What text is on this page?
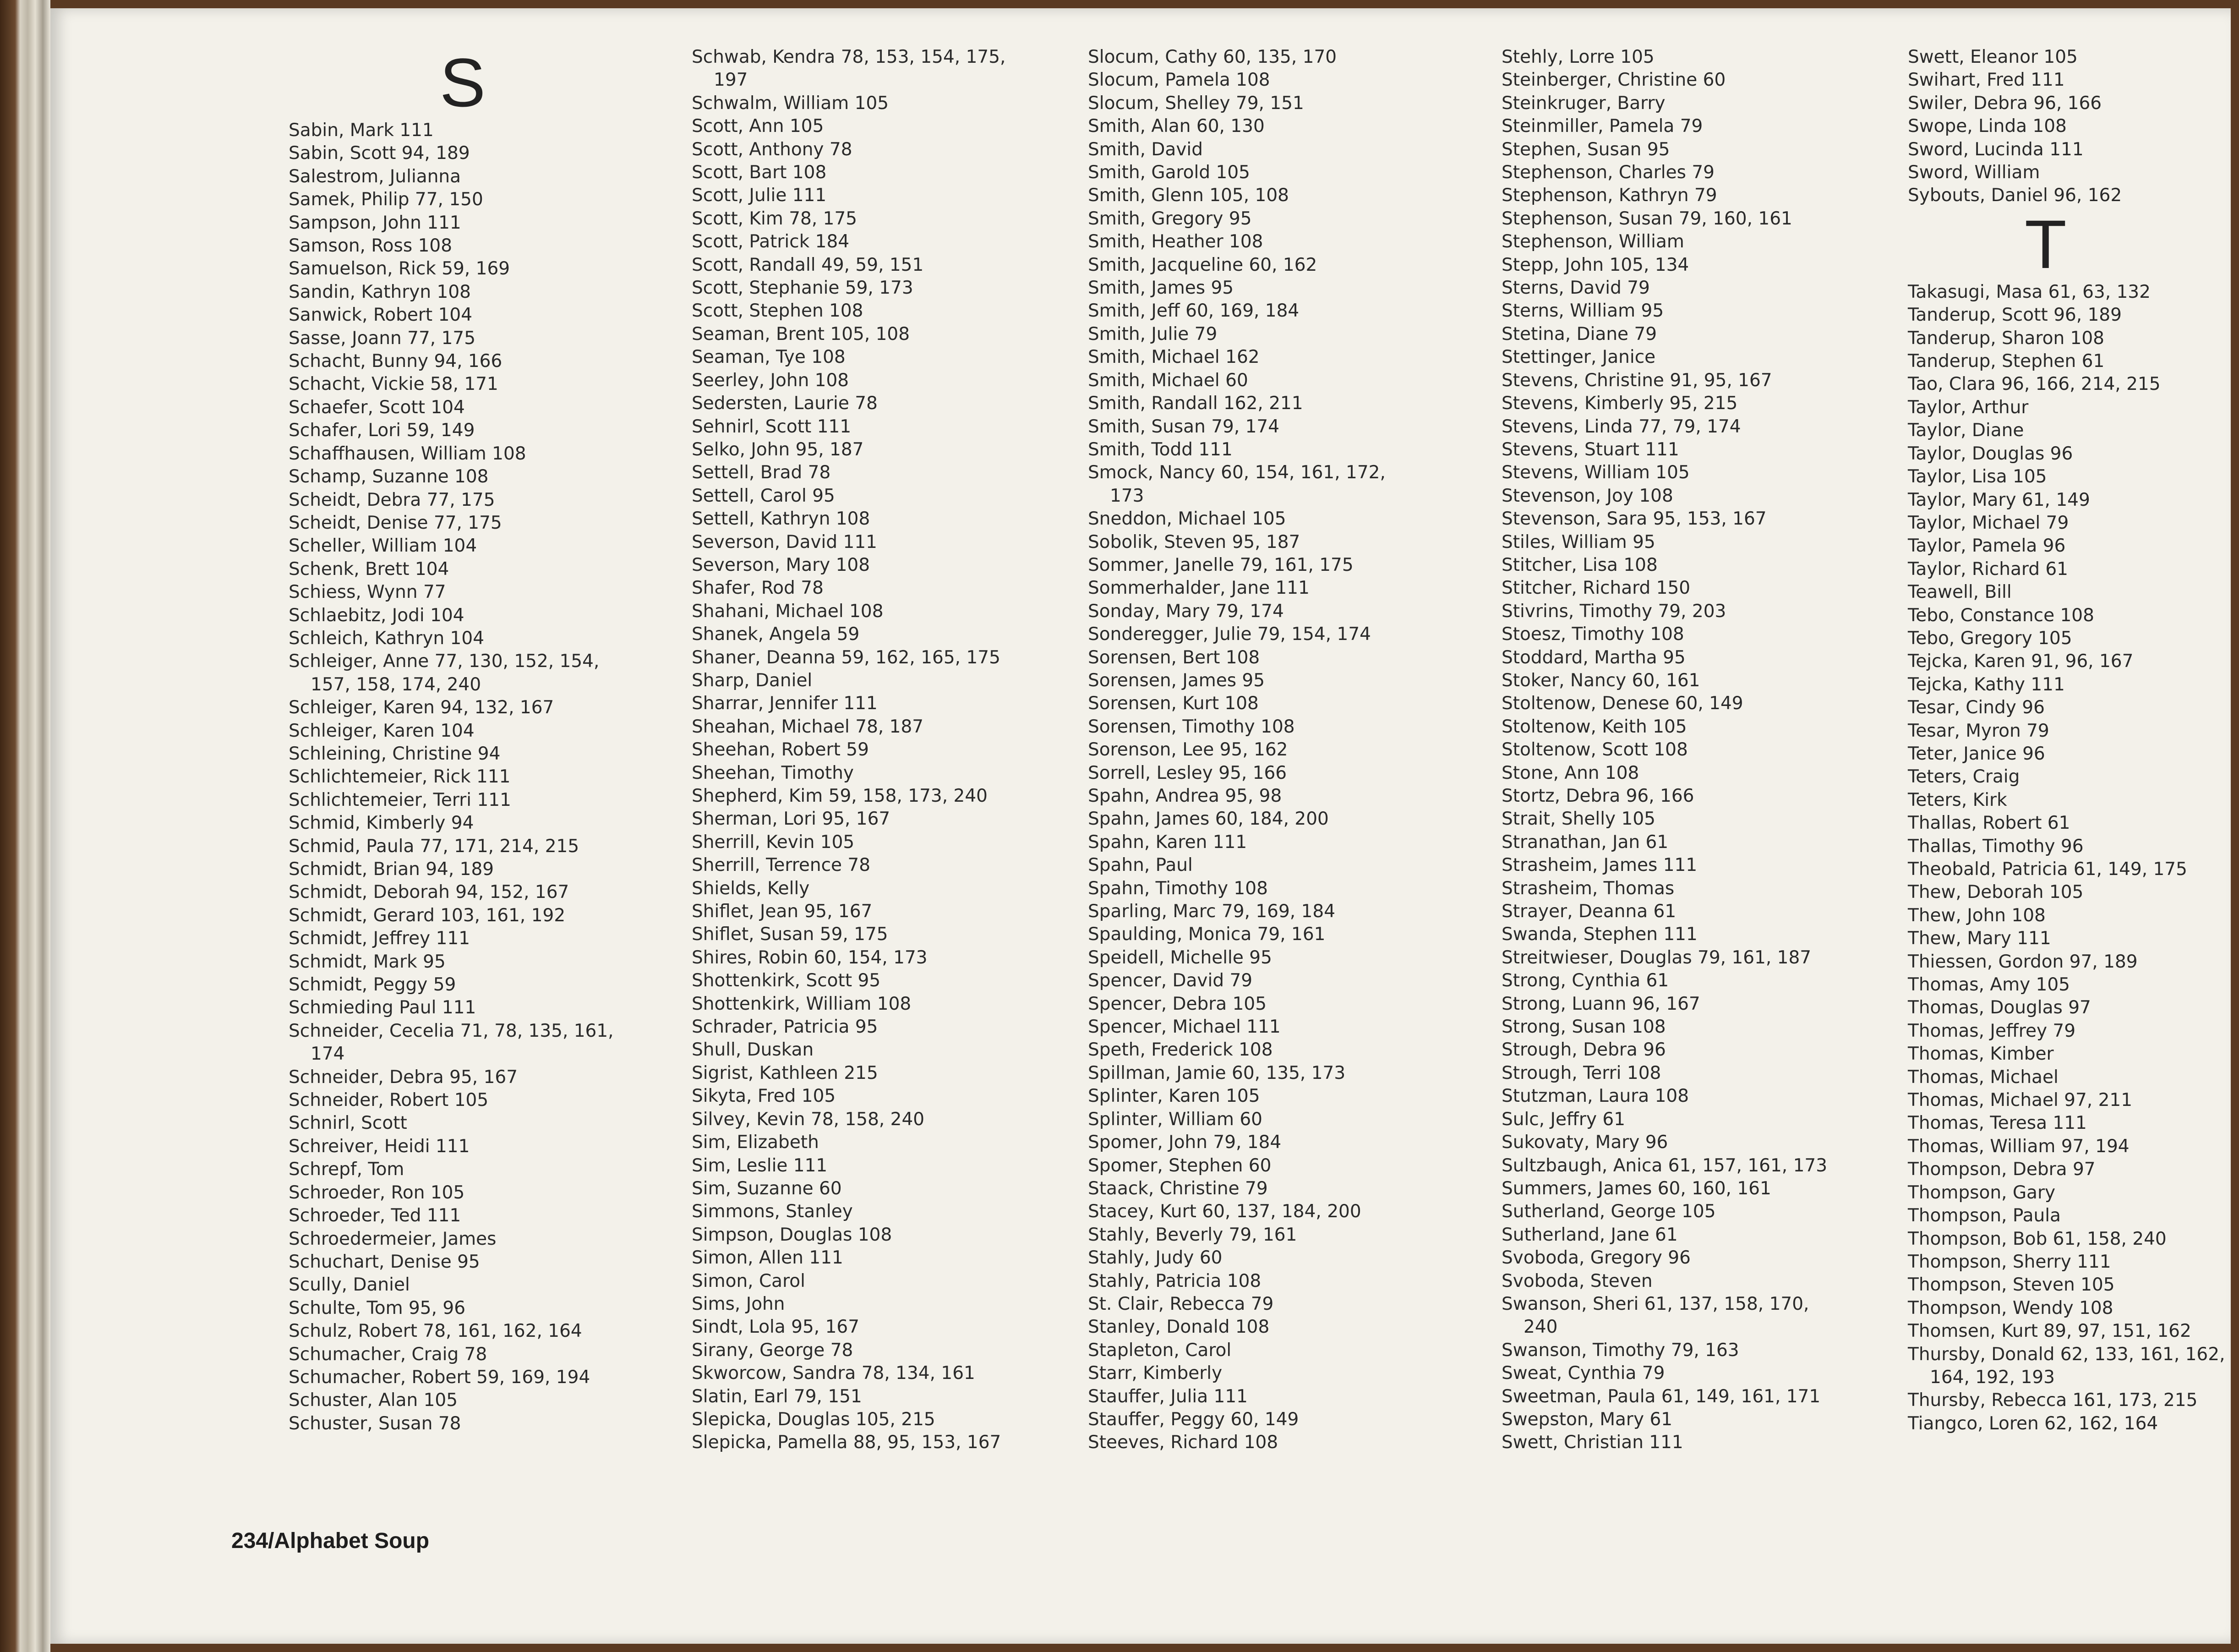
S
Sabin, Mark 111
Sabin, Scott 94, 189
Salestrom, Julianna
Samek, Philip 77, 150
Sampson, John 111
Samson, Ross 108
Samuelson, Rick 59, 169
Sandin, Kathryn 108
Sanwick, Robert 104
Sasse, Joann 77, 175
Schacht, Bunny 94, 166
Schacht, Vickie 58, 171
Schaefer, Scott 104
Schafer, Lori 59, 149
Schaffhausen, William 108
Schamp, Suzanne 108
Scheidt, Debra 77, 175
Scheidt, Denise 77, 175
Scheller, William 104
Schenk, Brett 104
Schiess, Wynn 77
Schlaebitz, Jodi 104
Schleich, Kathryn 104
Schleiger, Anne 77, 130, 152, 154,
157, 158, 174, 240
Schleiger, Karen 94, 132, 167
Schleiger, Karen 104
Schleining, Christine 94
Schlichtemeier, Rick 111
Schlichtemeier, Terri 111
Schmid, Kimberly 94
Schmid, Paula 77, 171, 214, 215
Schmidt, Brian 94, 189
Schmidt, Deborah 94, 152, 167
Schmidt, Gerard 103, 161, 192
Schmidt, Jeffrey 111
Schmidt, Mark 95
Schmidt, Peggy 59
Schmieding Paul 111
Schneider, Cecelia 71, 78, 135, 161,
174
Schneider, Debra 95, 167
Schneider, Robert 105
Schnirl, Scott
Schreiver, Heidi 111
Schrepf, Tom
Schroeder, Ron 105
Schroeder, Ted 111
Schroedermeier, James
Schuchart, Denise 95
Scully, Daniel
Schulte, Tom 95, 96
Schulz, Robert 78, 161, 162, 164
Schumacher, Craig 78
Schumacher, Robert 59, 169, 194
Schuster, Alan 105
Schuster, Susan 78
Schwab, Kendra 78, 153, 154, 175,
197
Schwalm, William 105
Scott, Ann 105
Scott, Anthony 78
Scott, Bart 108
Scott, Julie 111
Scott, Kim 78, 175
Scott, Patrick 184
Scott, Randall 49, 59, 151
Scott, Stephanie 59, 173
Scott, Stephen 108
Seaman, Brent 105, 108
Seaman, Tye 108
Seerley, John 108
Sedersten, Laurie 78
Sehnirl, Scott 111
Selko, John 95, 187
Settell, Brad 78
Settell, Carol 95
Settell, Kathryn 108
Severson, David 111
Severson, Mary 108
Shafer, Rod 78
Shahani, Michael 108
Shanek, Angela 59
Shaner, Deanna 59, 162, 165, 175
Sharp, Daniel
Sharrar, Jennifer 111
Sheahan, Michael 78, 187
Sheehan, Robert 59
Sheehan, Timothy
Shepherd, Kim 59, 158, 173, 240
Sherman, Lori 95, 167
Sherrill, Kevin 105
Sherrill, Terrence 78
Shields, Kelly
Shiflet, Jean 95, 167
Shiflet, Susan 59, 175
Shires, Robin 60, 154, 173
Shottenkirk, Scott 95
Shottenkirk, William 108
Schrader, Patricia 95
Shull, Duskan
Sigrist, Kathleen 215
Sikyta, Fred 105
Silvey, Kevin 78, 158, 240
Sim, Elizabeth
Sim, Leslie 111
Sim, Suzanne 60
Simmons, Stanley
Simpson, Douglas 108
Simon, Allen 111
Simon, Carol
Sims, John
Sindt, Lola 95, 167
Sirany, George 78
Skworcow, Sandra 78, 134, 161
Slatin, Earl 79, 151
Slepicka, Douglas 105, 215
Slepicka, Pamella 88, 95, 153, 167
Slocum, Cathy 60, 135, 170
Slocum, Pamela 108
Slocum, Shelley 79, 151
Smith, Alan 60, 130
Smith, David
Smith, Garold 105
Smith, Glenn 105, 108
Smith, Gregory 95
Smith, Heather 108
Smith, Jacqueline 60, 162
Smith, James 95
Smith, Jeff 60, 169, 184
Smith, Julie 79
Smith, Michael 162
Smith, Michael 60
Smith, Randall 162, 211
Smith, Susan 79, 174
Smith, Todd 111
Smock, Nancy 60, 154, 161, 172,
173
Sneddon, Michael 105
Sobolik, Steven 95, 187
Sommer, Janelle 79, 161, 175
Sommerhalder, Jane 111
Sonday, Mary 79, 174
Sonderegger, Julie 79, 154, 174
Sorensen, Bert 108
Sorensen, James 95
Sorensen, Kurt 108
Sorensen, Timothy 108
Sorenson, Lee 95, 162
Sorrell, Lesley 95, 166
Spahn, Andrea 95, 98
Spahn, James 60, 184, 200
Spahn, Karen 111
Spahn, Paul
Spahn, Timothy 108
Sparling, Marc 79, 169, 184
Spaulding, Monica 79, 161
Speidell, Michelle 95
Spencer, David 79
Spencer, Debra 105
Spencer, Michael 111
Speth, Frederick 108
Spillman, Jamie 60, 135, 173
Splinter, Karen 105
Splinter, William 60
Spomer, John 79, 184
Spomer, Stephen 60
Staack, Christine 79
Stacey, Kurt 60, 137, 184, 200
Stahly, Beverly 79, 161
Stahly, Judy 60
Stahly, Patricia 108
St. Clair, Rebecca 79
Stanley, Donald 108
Stapleton, Carol
Starr, Kimberly
Stauffer, Julia 111
Stauffer, Peggy 60, 149
Steeves, Richard 108
Stehly, Lorre 105
Steinberger, Christine 60
Steinkruger, Barry
Steinmiller, Pamela 79
Stephen, Susan 95
Stephenson, Charles 79
Stephenson, Kathryn 79
Stephenson, Susan 79, 160, 161
Stephenson, William
Stepp, John 105, 134
Sterns, David 79
Sterns, William 95
Stetina, Diane 79
Stettinger, Janice
Stevens, Christine 91, 95, 167
Stevens, Kimberly 95, 215
Stevens, Linda 77, 79, 174
Stevens, Stuart 111
Stevens, William 105
Stevenson, Joy 108
Stevenson, Sara 95, 153, 167
Stiles, William 95
Stitcher, Lisa 108
Stitcher, Richard 150
Stivrins, Timothy 79, 203
Stoesz, Timothy 108
Stoddard, Martha 95
Stoker, Nancy 60, 161
Stoltenow, Denese 60, 149
Stoltenow, Keith 105
Stoltenow, Scott 108
Stone, Ann 108
Stortz, Debra 96, 166
Strait, Shelly 105
Stranathan, Jan 61
Strasheim, James 111
Strasheim, Thomas
Strayer, Deanna 61
Swanda, Stephen 111
Streitwieser, Douglas 79, 161, 187
Strong, Cynthia 61
Strong, Luann 96, 167
Strong, Susan 108
Strough, Debra 96
Strough, Terri 108
Stutzman, Laura 108
Sulc, Jeffry 61
Sukovaty, Mary 96
Sultzbaugh, Anica 61, 157, 161, 173
Summers, James 60, 160, 161
Sutherland, George 105
Sutherland, Jane 61
Svoboda, Gregory 96
Svoboda, Steven
Swanson, Sheri 61, 137, 158, 170,
240
Swanson, Timothy 79, 163
Sweat, Cynthia 79
Sweetman, Paula 61, 149, 161, 171
Swepston, Mary 61
Swett, Christian 111
Swett, Eleanor 105
Swihart, Fred 111
Swiler, Debra 96, 166
Swope, Linda 108
Sword, Lucinda 111
Sword, William
Sybouts, Daniel 96, 162
T
Takasugi, Masa 61, 63, 132
Tanderup, Scott 96, 189
Tanderup, Sharon 108
Tanderup, Stephen 61
Tao, Clara 96, 166, 214, 215
Taylor, Arthur
Taylor, Diane
Taylor, Douglas 96
Taylor, Lisa 105
Taylor, Mary 61, 149
Taylor, Michael 79
Taylor, Pamela 96
Taylor, Richard 61
Teawell, Bill
Tebo, Constance 108
Tebo, Gregory 105
Tejcka, Karen 91, 96, 167
Tejcka, Kathy 111
Tesar, Cindy 96
Tesar, Myron 79
Teter, Janice 96
Teters, Craig
Teters, Kirk
Thallas, Robert 61
Thallas, Timothy 96
Theobald, Patricia 61, 149, 175
Thew, Deborah 105
Thew, John 108
Thew, Mary 111
Thiessen, Gordon 97, 189
Thomas, Amy 105
Thomas, Douglas 97
Thomas, Jeffrey 79
Thomas, Kimber
Thomas, Michael
Thomas, Michael 97, 211
Thomas, Teresa 111
Thomas, William 97, 194
Thompson, Debra 97
Thompson, Gary
Thompson, Paula
Thompson, Bob 61, 158, 240
Thompson, Sherry 111
Thompson, Steven 105
Thompson, Wendy 108
Thomsen, Kurt 89, 97, 151, 162
Thursby, Donald 62, 133, 161, 162,
164, 192, 193
Thursby, Rebecca 161, 173, 215
Tiangco, Loren 62, 162, 164
234/Alphabet Soup
